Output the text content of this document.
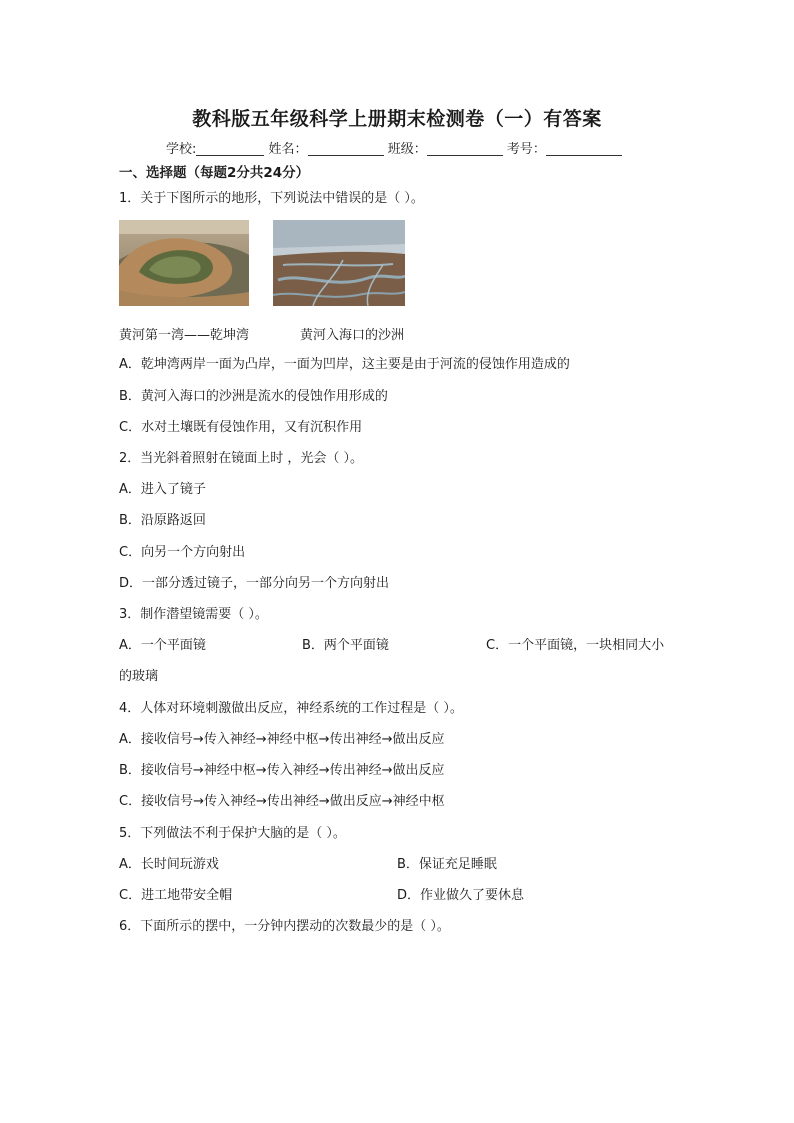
教科版五年级科学上册期末检测卷（一）有答案
学校:	姓名：	班级：	考号：
一、选择题（每题2分共24分）
1．关于下图所示的地形，下列说法中错误的是（ ）。
黄河第一湾——乾坤湾	黄河入海口的沙洲
A．乾坤湾两岸一面为凸岸，一面为凹岸，这主要是由于河流的侵蚀作用造成的
B．黄河入海口的沙洲是流水的侵蚀作用形成的
C．水对土壤既有侵蚀作用，又有沉积作用
2．当光斜着照射在镜面上时 ，光会（ ）。
A．进入了镜子
B．沿原路返回
C．向另一个方向射出
D．一部分透过镜子，一部分向另一个方向射出
3．制作潜望镜需要（ ）。
A．一个平面镜	B．两个平面镜	C．一个平面镜，一块相同大小
的玻璃
4．人体对环境刺激做出反应，神经系统的工作过程是（ ）。
A．接收信号→传入神经→神经中枢→传出神经→做出反应
B．接收信号→神经中枢→传入神经→传出神经→做出反应
C．接收信号→传入神经→传出神经→做出反应→神经中枢
5．下列做法不利于保护大脑的是（ ）。
A．长时间玩游戏	B．保证充足睡眠
C．进工地带安全帽	D．作业做久了要休息
6．下面所示的摆中，一分钟内摆动的次数最少的是（ ）。
